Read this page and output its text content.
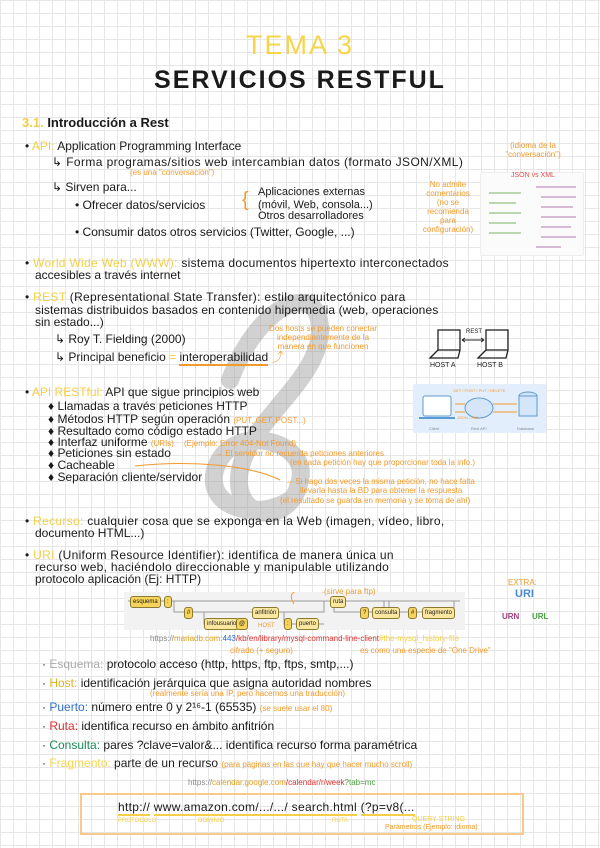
TEMA 3
SERVICIOS RESTFUL
3.1. Introducción a Rest
• API: Application Programming Interface
↳ Forma programas/sitios web intercambian datos (formato JSON/XML)
(es una "conversación")
(idioma de la "conversación")
↳ Sirven para...
• Ofrecer datos/servicios { Aplicaciones externas
(móvil, Web, consola...)
Otros desarrolladores
• Consumir datos otros servicios (Twitter, Google, ...)
No admite
comentarios
(no se
recomienda
para
configuración)
JSON vs XML
• World Wide Web (WWW): sistema documentos hipertexto interconectados
accesibles a través internet
• REST (Representational State Transfer): estilo arquitectónico para
sistemas distribuidos basados en contenido hipermedia (web, operaciones
sin estado...)
↳ Roy T. Fielding (2000)
↳ Principal beneficio = interoperabilidad ⤴
Dos hosts se pueden conectar
independientemente de la
manera en que funcionen
REST
HOST A	HOST B
• API RESTful: API que sigue principios web
♦ Llamadas a través peticiones HTTP
♦ Métodos HTTP según operación (PUT, GET, POST...)
♦ Resultado como código estado HTTP
♦ Interfaz uniforme (URIs) (Ejemplo: Error 404-Not Found)
♦ Peticiones sin estado
♦ Cacheable
♦ Separación cliente/servidor
→ El servidor no recuerda peticiones anteriores
(en cada petición hay que proporcionar toda la info.)
→ Si hago dos veces la misma petición, no hace falta
llevarla hasta la BD para obtener la respuesta
(el resultado se guarda en memoria y se toma de ahí)
GET / POST / PUT / DELETE
JSON / XML
Client	Rest API	Database
• Recurso: cualquier cosa que se exponga en la Web (imagen, vídeo, libro,
documento HTML...)
• URI (Uniform Resource Identifier): identifica de manera única un
recurso web, haciéndolo direccionable y manipulable utilizando
protocolo aplicación (Ej: HTTP)
esquema	:
//
infousuario @
anfitrión
:	puerto
ruta
?	consulta	#	fragmento
(sirve para ftp)
HOST
https://mariadb.com:443/kb/en/library/mysql-command-line-client#the-mysql_history-file
EXTRA:
URI
URN URL
cifrado (+ seguro)	es como una especie de "One Drive"
· Esquema: protocolo acceso (http, https, ftp, ftps, smtp,...)
· Host: identificación jerárquica que asigna autoridad nombres
(realmente sería una IP, pero hacemos una traducción)
· Puerto: número entre 0 y 2¹⁶-1 (65535) (se suele usar el 80)
· Ruta: identifica recurso en ámbito anfitrión
· Consulta: pares ?clave=valor&... identifica recurso forma paramétrica
· Fragmento: parte de un recurso (para páginas en las que hay que hacer mucho scroll)
https://calendar.google.com/calendar/r/week?tab=mc
http:// www.amazon.com/.../.../ search.html (?p=v8(...
PROTOCOLO	DOMINIO	RUTA	QUERY STRING
Parámetros (Ejemplo: idioma)
